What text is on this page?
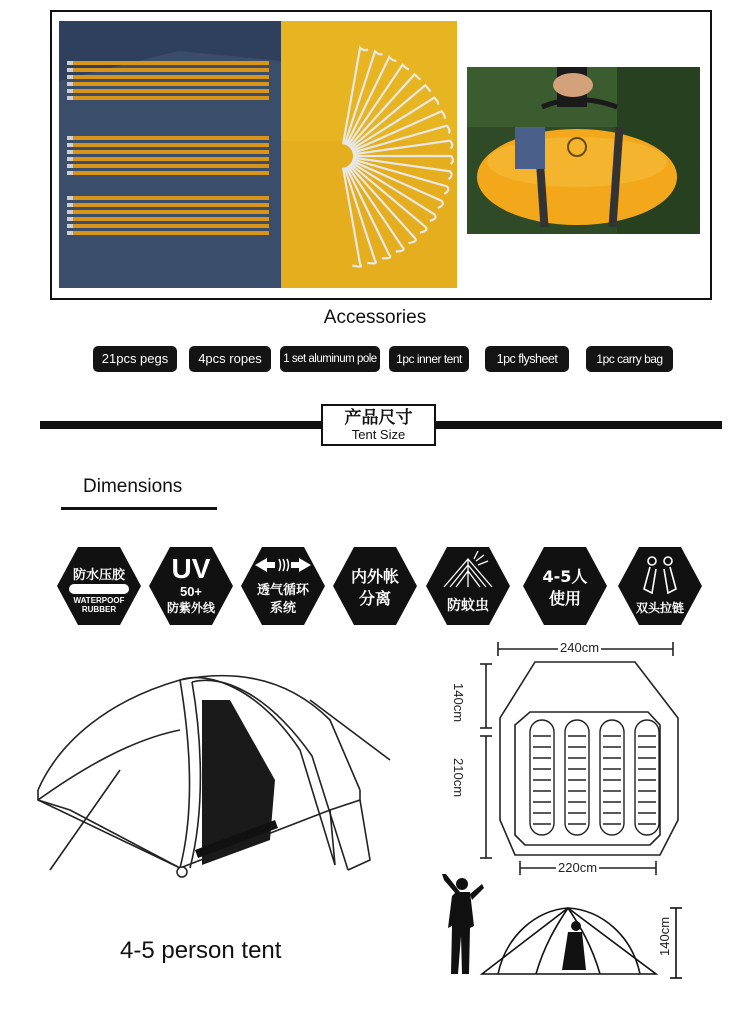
Accessories
21pcs pegs	4pcs ropes	1 set aluminum pole	1pc inner tent	1pc flysheet	1pc carry bag
产品尺寸
Tent Size
Dimensions
防水压胶
WATERPOOF
RUBBER
UV
50+
防紫外线
透气循环
系统
内外帐
分离	防蚊虫
4-5人
使用	双头拉链
4-5 person tent
240cm
140cm
210cm
220cm
140cm
